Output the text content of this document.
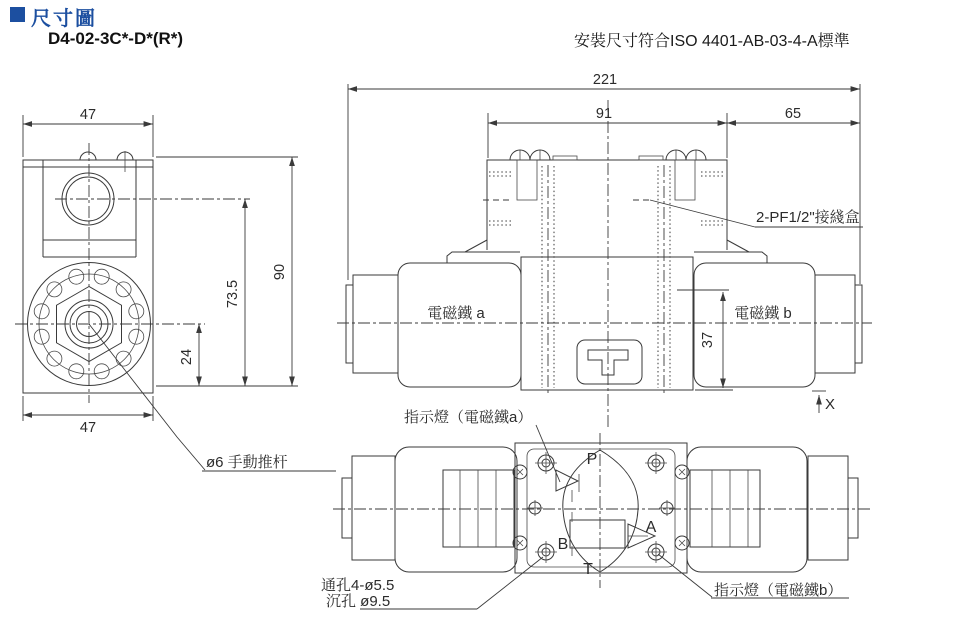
尺寸圖
D4-02-3C*-D*(R*)	安裝尺寸符合ISO 4401-AB-03-4-A標準
47
47
90
73.5
24
ø6 手動推杆
2-PF1/2"接綫盒
電磁鐵 a	電磁鐵 b
221
91	65
37
X
P
A
B
T
指示燈（電磁鐵a）
指示燈（電磁鐵b）
通孔4-ø5.5
沉孔 ø9.5
